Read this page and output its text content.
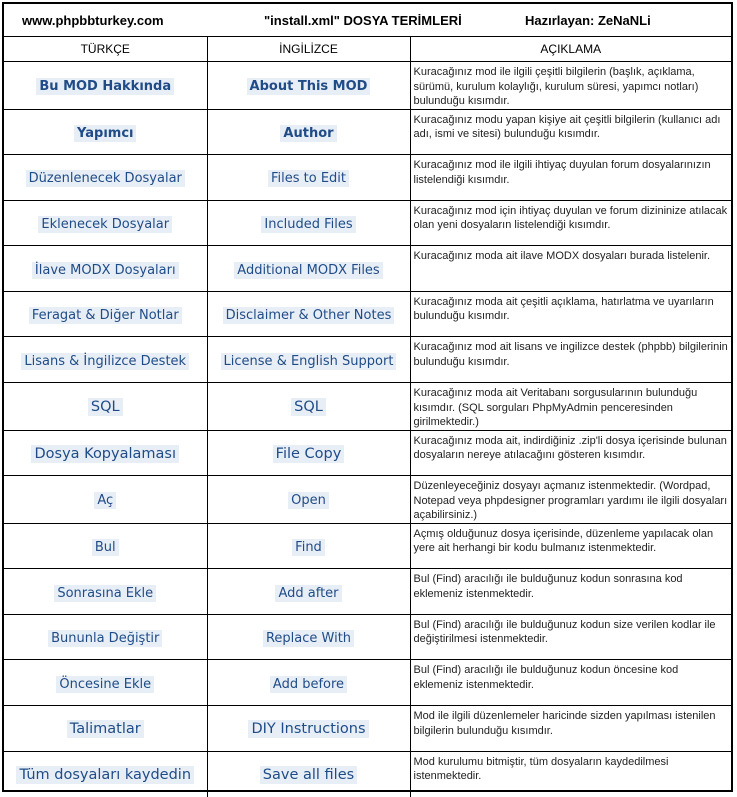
www.phpbbturkey.com	"install.xml" DOSYA TERİMLERİ	Hazırlayan: ZeNaNLi
TÜRKÇE	İNGİLİZCE	AÇIKLAMA
Bu MOD Hakkında	About This MOD	Kuracağınız mod ile ilgili çeşitli bilgilerin (başlık, açıklama, sürümü, kurulum kolaylığı, kurulum süresi, yapımcı notları) bulunduğu kısımdır.
Yapımcı	Author	Kuracağınız modu yapan kişiye ait çeşitli bilgilerin (kullanıcı adı adı, ismi ve sitesi) bulunduğu kısımdır.
Düzenlenecek Dosyalar	Files to Edit	Kuracağınız mod ile ilgili ihtiyaç duyulan forum dosyalarınızın listelendiği kısımdır.
Eklenecek Dosyalar	Included Files	Kuracağınız mod için ihtiyaç duyulan ve forum dizininize atılacak olan yeni dosyaların listelendiği kısımdır.
İlave MODX Dosyaları	Additional MODX Files	Kuracağınız moda ait ilave MODX dosyaları burada listelenir.
Feragat & Diğer Notlar	Disclaimer & Other Notes	Kuracağınız moda ait çeşitli açıklama, hatırlatma ve uyarıların bulunduğu kısımdır.
Lisans & İngilizce Destek	License & English Support	Kuracağınız mod ait lisans ve ingilizce destek (phpbb) bilgilerinin bulunduğu kısımdır.
SQL	SQL	Kuracağınız moda ait Veritabanı sorgusularının bulunduğu kısımdır. (SQL sorguları PhpMyAdmin penceresinden girilmektedir.)
Dosya Kopyalaması	File Copy	Kuracağınız moda ait, indirdiğiniz .zip'li dosya içerisinde bulunan dosyaların nereye atılacağını gösteren kısımdır.
Aç	Open	Düzenleyeceğiniz dosyayı açmanız istenmektedir. (Wordpad, Notepad veya phpdesigner programları yardımı ile ilgili dosyaları açabilirsiniz.)
Bul	Find	Açmış olduğunuz dosya içerisinde, düzenleme yapılacak olan yere ait herhangi bir kodu bulmanız istenmektedir.
Sonrasına Ekle	Add after	Bul (Find) aracılığı ile bulduğunuz kodun sonrasına kod eklemeniz istenmektedir.
Bununla Değiştir	Replace With	Bul (Find) aracılığı ile bulduğunuz kodun size verilen kodlar ile değiştirilmesi istenmektedir.
Öncesine Ekle	Add before	Bul (Find) aracılığı ile bulduğunuz kodun öncesine kod eklemeniz istenmektedir.
Talimatlar	DIY Instructions	Mod ile ilgili düzenlemeler haricinde sizden yapılması istenilen bilgilerin bulunduğu kısımdır.
Tüm dosyaları kaydedin	Save all files	Mod kurulumu bitmiştir, tüm dosyaların kaydedilmesi istenmektedir.
